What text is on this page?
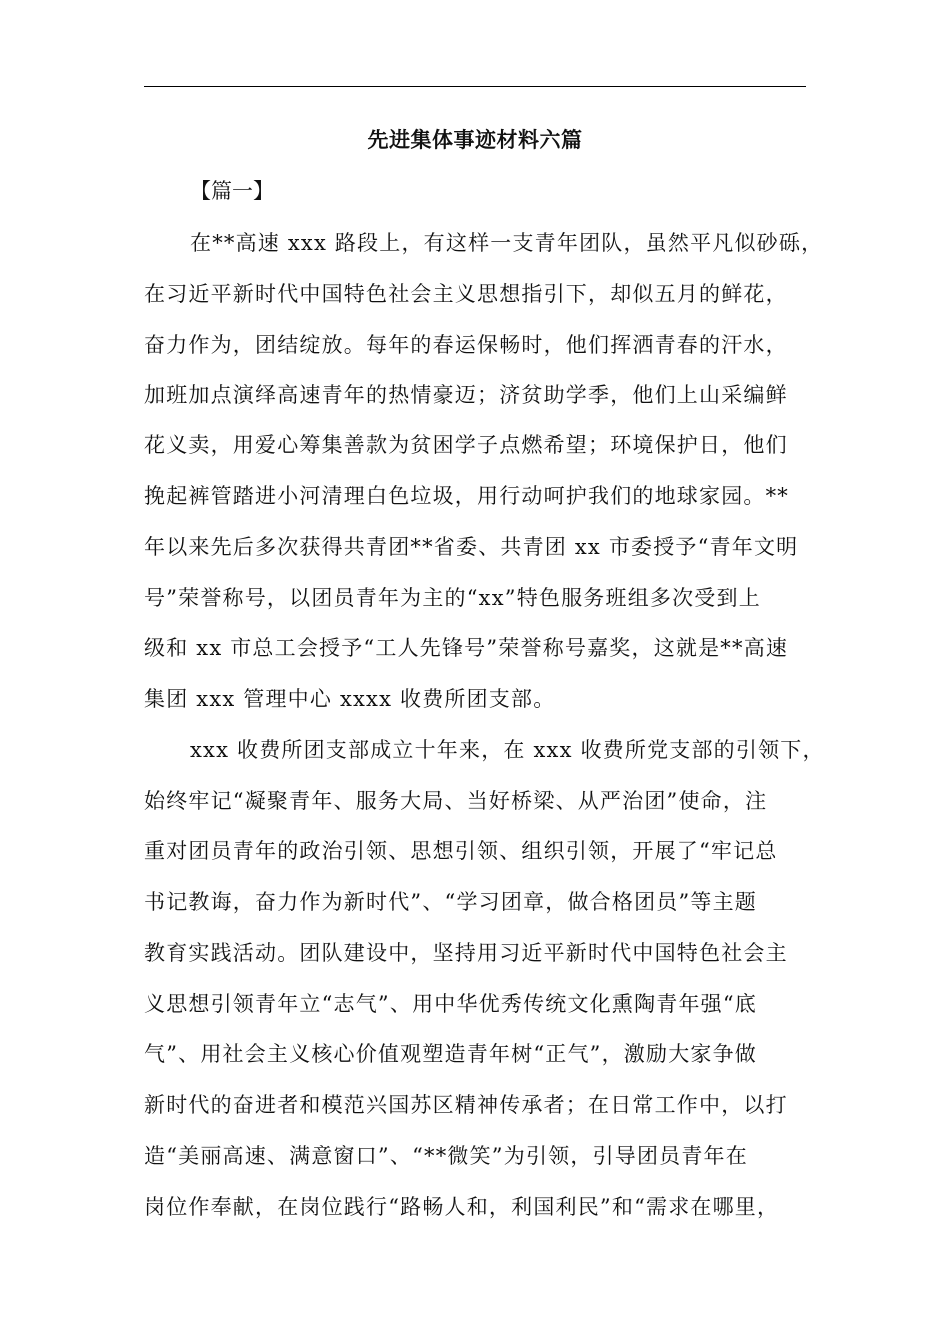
先进集体事迹材料六篇
【篇一】
在**高速 xxx 路段上，有这样一支青年团队，虽然平凡似砂砾，
在习近平新时代中国特色社会主义思想指引下，却似五月的鲜花，
奋力作为，团结绽放。每年的春运保畅时，他们挥洒青春的汗水，
加班加点演绎高速青年的热情豪迈；济贫助学季，他们上山采编鲜
花义卖，用爱心筹集善款为贫困学子点燃希望；环境保护日，他们
挽起裤管踏进小河清理白色垃圾，用行动呵护我们的地球家园。**
年以来先后多次获得共青团**省委、共青团 xx 市委授予“青年文明
号”荣誉称号，以团员青年为主的“xx”特色服务班组多次受到上
级和 xx 市总工会授予“工人先锋号”荣誉称号嘉奖，这就是**高速
集团 xxx 管理中心 xxxx 收费所团支部。
xxx 收费所团支部成立十年来，在 xxx 收费所党支部的引领下，
始终牢记“凝聚青年、服务大局、当好桥梁、从严治团”使命，注
重对团员青年的政治引领、思想引领、组织引领，开展了“牢记总
书记教诲，奋力作为新时代”、“学习团章，做合格团员”等主题
教育实践活动。团队建设中，坚持用习近平新时代中国特色社会主
义思想引领青年立“志气”、用中华优秀传统文化熏陶青年强“底
气”、用社会主义核心价值观塑造青年树“正气”，激励大家争做
新时代的奋进者和模范兴国苏区精神传承者；在日常工作中，以打
造“美丽高速、满意窗口”、“**微笑”为引领，引导团员青年在
岗位作奉献，在岗位践行“路畅人和，利国利民”和“需求在哪里，
